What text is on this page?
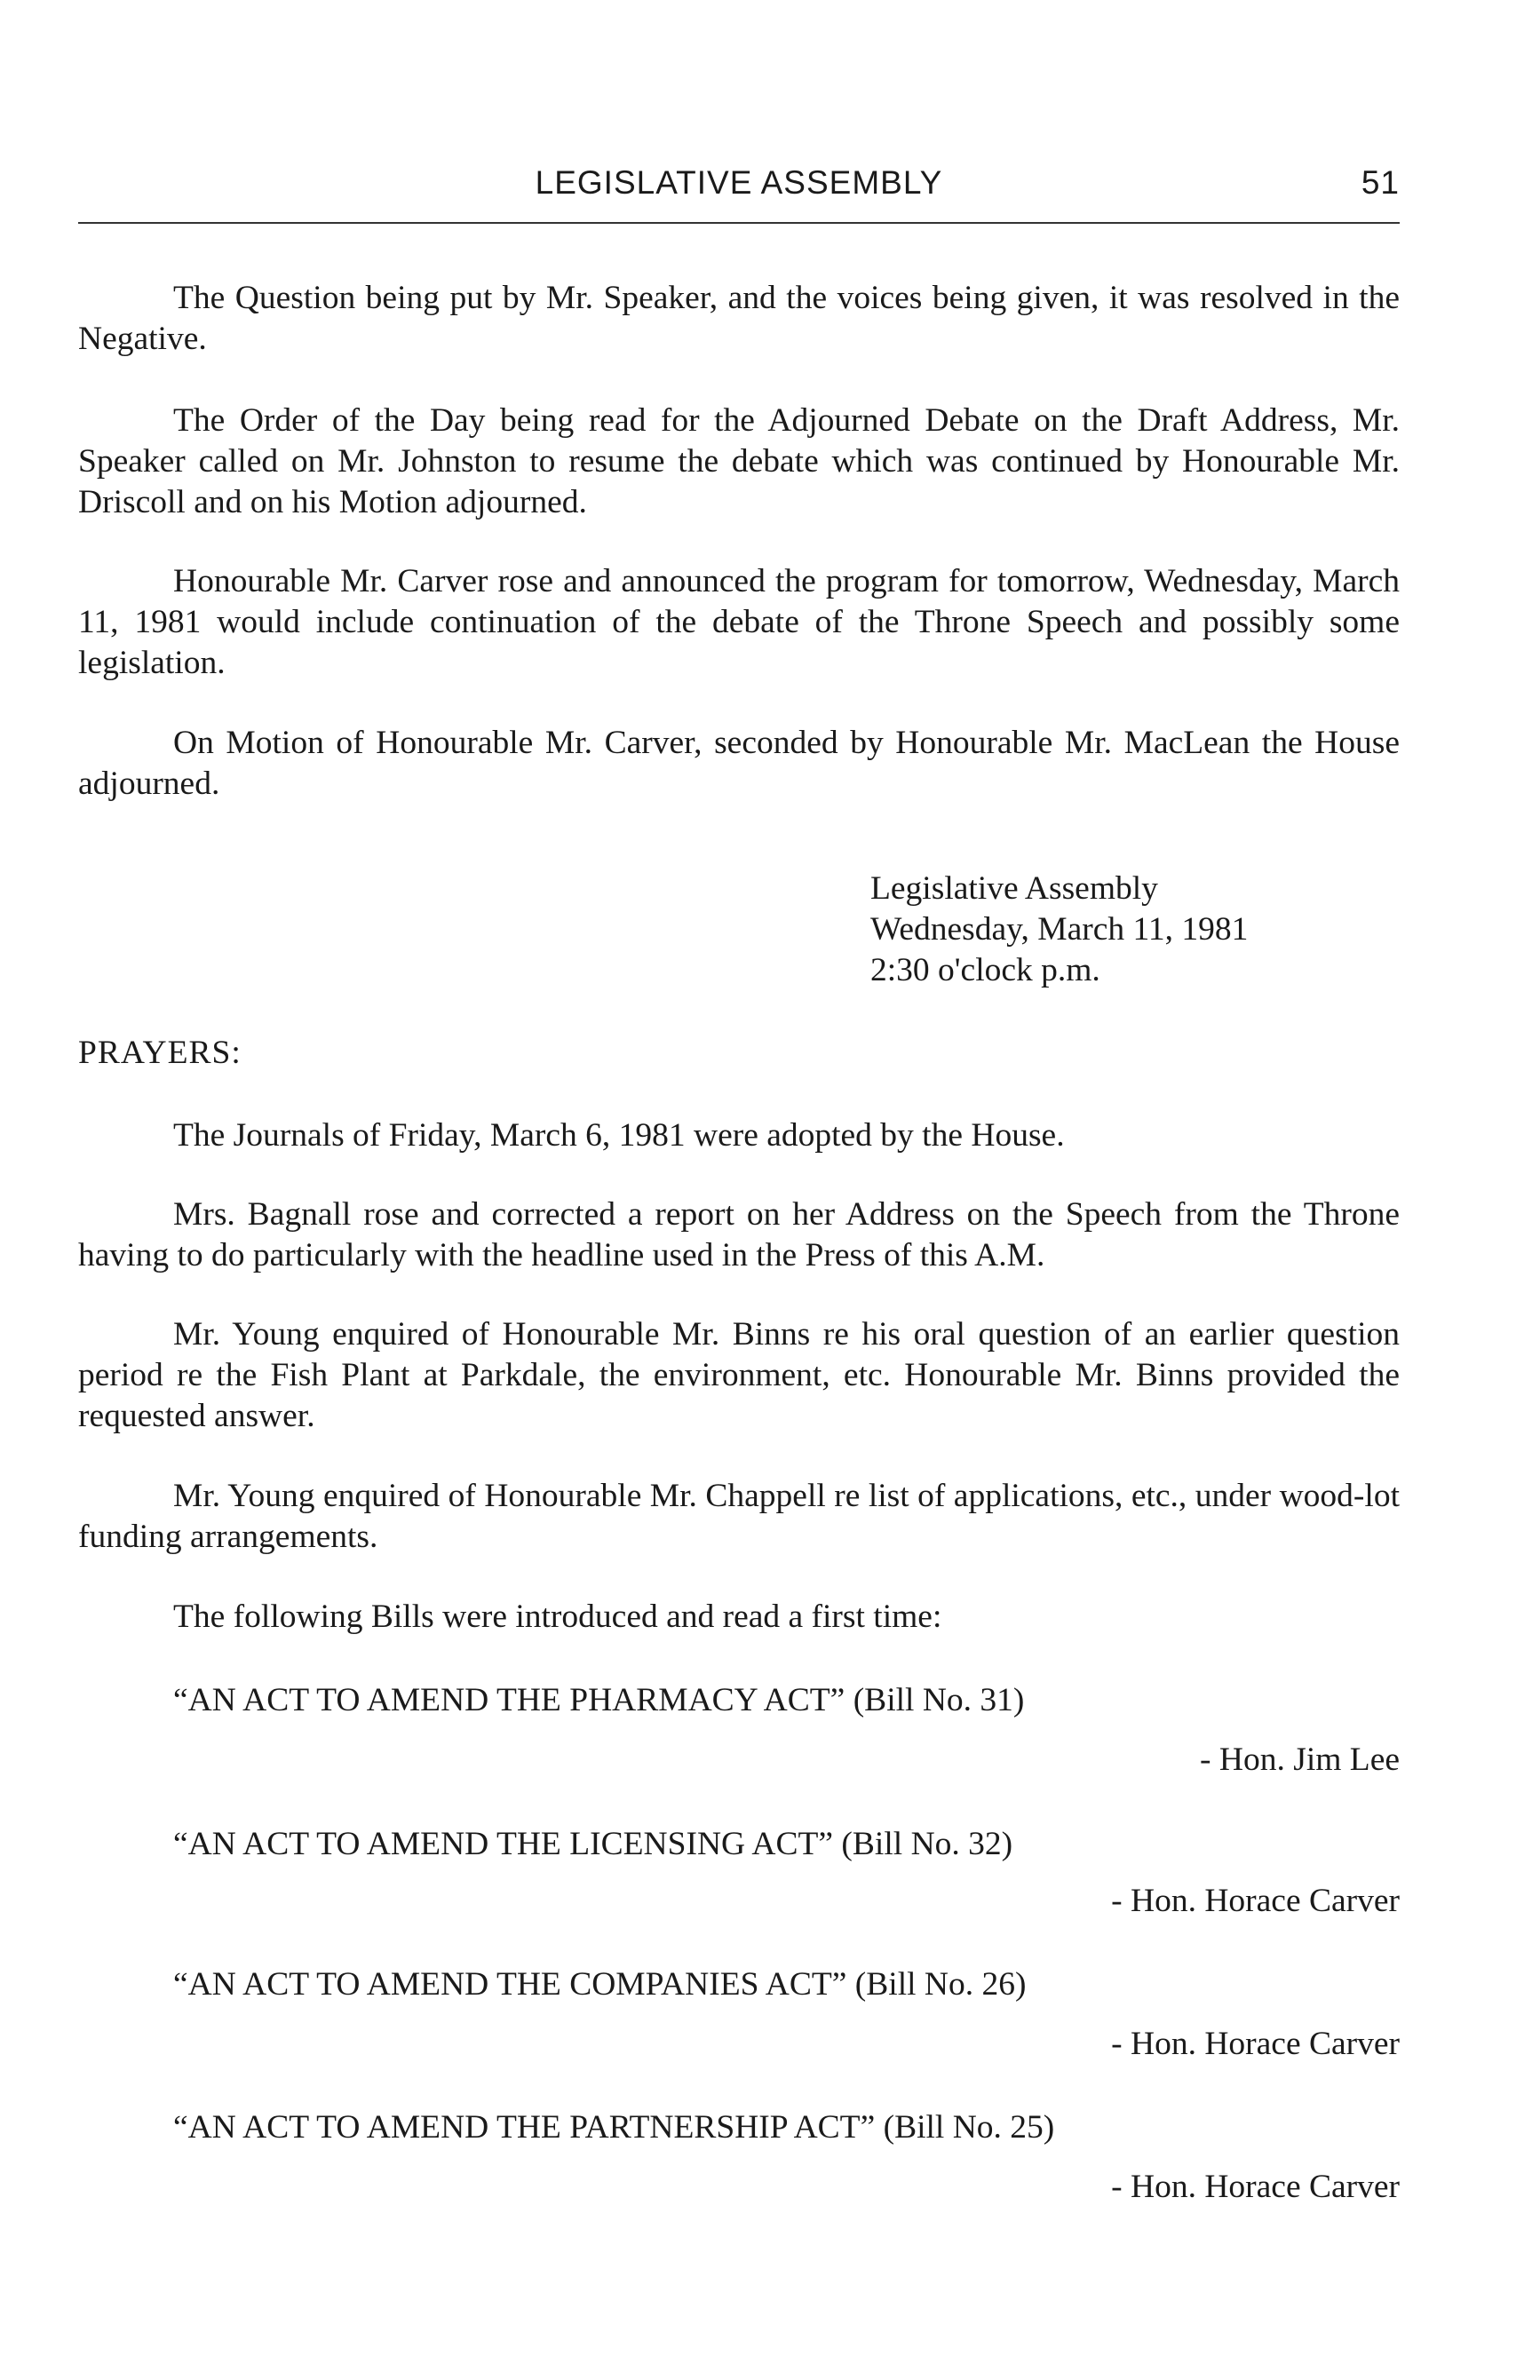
LEGISLATIVE ASSEMBLY	51

The Question being put by Mr. Speaker, and the voices being given, it was resolved in the Negative.

The Order of the Day being read for the Adjourned Debate on the Draft Address, Mr. Speaker called on Mr. Johnston to resume the debate which was continued by Honourable Mr. Driscoll and on his Motion adjourned.

Honourable Mr. Carver rose and announced the program for tomorrow, Wednesday, March 11, 1981 would include continuation of the debate of the Throne Speech and possibly some legislation.

On Motion of Honourable Mr. Carver, seconded by Honourable Mr. MacLean the House adjourned.

Legislative Assembly
Wednesday, March 11, 1981
2:30 o'clock p.m.
PRAYERS:

The Journals of Friday, March 6, 1981 were adopted by the House.

Mrs. Bagnall rose and corrected a report on her Address on the Speech from the Throne having to do particularly with the headline used in the Press of this A.M.

Mr. Young enquired of Honourable Mr. Binns re his oral question of an earlier question period re the Fish Plant at Parkdale, the environment, etc. Honourable Mr. Binns provided the requested answer.

Mr. Young enquired of Honourable Mr. Chappell re list of applications, etc., under wood-lot funding arrangements.

The following Bills were introduced and read a first time:

“AN ACT TO AMEND THE PHARMACY ACT” (Bill No. 31)
- Hon. Jim Lee
“AN ACT TO AMEND THE LICENSING ACT” (Bill No. 32)
- Hon. Horace Carver
“AN ACT TO AMEND THE COMPANIES ACT” (Bill No. 26)
- Hon. Horace Carver
“AN ACT TO AMEND THE PARTNERSHIP ACT” (Bill No. 25)
- Hon. Horace Carver
